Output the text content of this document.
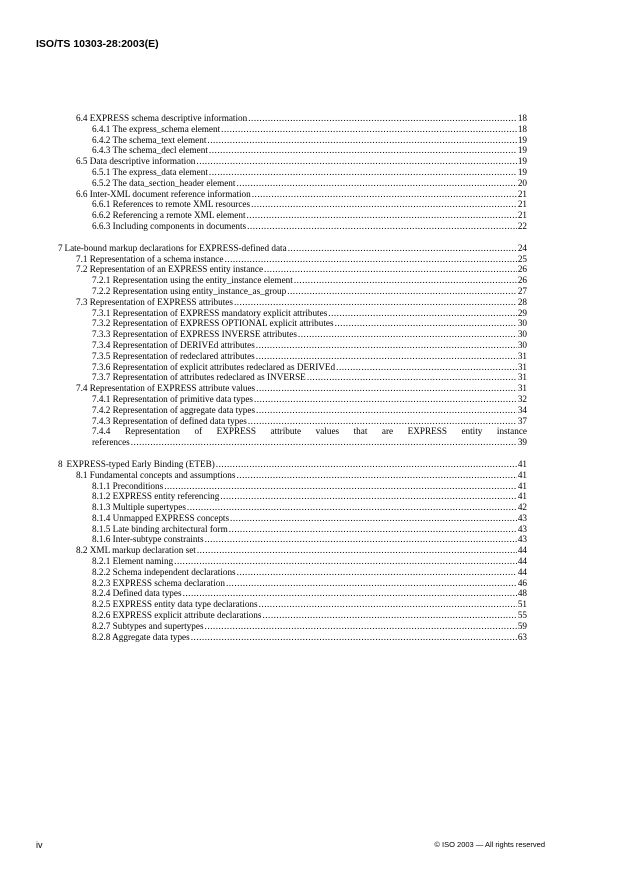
ISO/TS 10303-28:2003(E)
6.4 EXPRESS schema descriptive information .....	18
6.4.1 The express_schema element .....	18
6.4.2 The schema_text element .....	19
6.4.3 The schema_decl element .....	19
6.5 Data descriptive information .....	19
6.5.1 The express_data element .....	19
6.5.2 The data_section_header element .....	20
6.6 Inter-XML document reference information .....	21
6.6.1 References to remote XML resources .....	21
6.6.2 Referencing a remote XML element .....	21
6.6.3 Including components in documents .....	22
7 Late-bound markup declarations for EXPRESS-defined data .....	24
7.1 Representation of a schema instance .....	25
7.2 Representation of an EXPRESS entity instance .....	26
7.2.1 Representation using the entity_instance element .....	26
7.2.2 Representation using entity_instance_as_group .....	27
7.3 Representation of EXPRESS attributes .....	28
7.3.1 Representation of EXPRESS mandatory explicit attributes .....	29
7.3.2 Representation of EXPRESS OPTIONAL explicit attributes .....	30
7.3.3 Representation of EXPRESS INVERSE attributes .....	30
7.3.4 Representation of DERIVEd attributes .....	30
7.3.5 Representation of redeclared attributes .....	31
7.3.6 Representation of explicit attributes redeclared as DERIVEd .....	31
7.3.7 Representation of attributes redeclared as INVERSE .....	31
7.4 Representation of EXPRESS attribute values .....	31
7.4.1 Representation of primitive data types .....	32
7.4.2 Representation of aggregate data types .....	34
7.4.3 Representation of defined data types .....	37
7.4.4 Representation of EXPRESS attribute values that are EXPRESS entity instance
references .....	39
8 EXPRESS-typed Early Binding (ETEB) .....	41
8.1 Fundamental concepts and assumptions .....	41
8.1.1 Preconditions .....	41
8.1.2 EXPRESS entity referencing .....	41
8.1.3 Multiple supertypes .....	42
8.1.4 Unmapped EXPRESS concepts .....	43
8.1.5 Late binding architectural form .....	43
8.1.6 Inter-subtype constraints .....	43
8.2 XML markup declaration set .....	44
8.2.1 Element naming .....	44
8.2.2 Schema independent declarations .....	44
8.2.3 EXPRESS schema declaration .....	46
8.2.4 Defined data types .....	48
8.2.5 EXPRESS entity data type declarations .....	51
8.2.6 EXPRESS explicit attribute declarations .....	55
8.2.7 Subtypes and supertypes .....	59
8.2.8 Aggregate data types .....	63
iv	© ISO 2003 — All rights reserved
